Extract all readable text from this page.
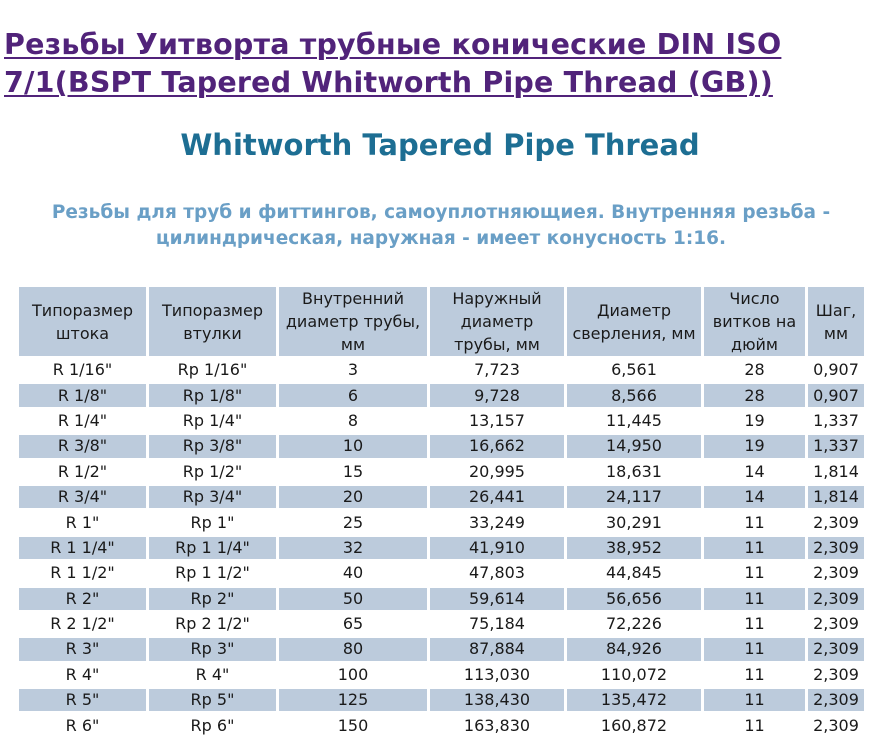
Резьбы Уитворта трубные конические DIN ISO 7/1(BSPT Tapered Whitworth Pipe Thread (GB))
Whitworth Tapered Pipe Thread

Резьбы для труб и фиттингов, самоуплотняющиея. Внутренняя резьба - цилиндрическая, наружная - имеет конусность 1:16.

Типоразмер штока	Типоразмер втулки	Внутренний диаметр трубы, мм	Наружный диаметр трубы, мм	Диаметр сверления, мм	Число витков на дюйм	Шаг, мм
R 1/16"	Rp 1/16"	3	7,723	6,561	28	0,907
R 1/8"	Rp 1/8"	6	9,728	8,566	28	0,907
R 1/4"	Rp 1/4"	8	13,157	11,445	19	1,337
R 3/8"	Rp 3/8"	10	16,662	14,950	19	1,337
R 1/2"	Rp 1/2"	15	20,995	18,631	14	1,814
R 3/4"	Rp 3/4"	20	26,441	24,117	14	1,814
R 1"	Rp 1"	25	33,249	30,291	11	2,309
R 1 1/4"	Rp 1 1/4"	32	41,910	38,952	11	2,309
R 1 1/2"	Rp 1 1/2"	40	47,803	44,845	11	2,309
R 2"	Rp 2"	50	59,614	56,656	11	2,309
R 2 1/2"	Rp 2 1/2"	65	75,184	72,226	11	2,309
R 3"	Rp 3"	80	87,884	84,926	11	2,309
R 4"	R 4"	100	113,030	110,072	11	2,309
R 5"	Rp 5"	125	138,430	135,472	11	2,309
R 6"	Rp 6"	150	163,830	160,872	11	2,309
